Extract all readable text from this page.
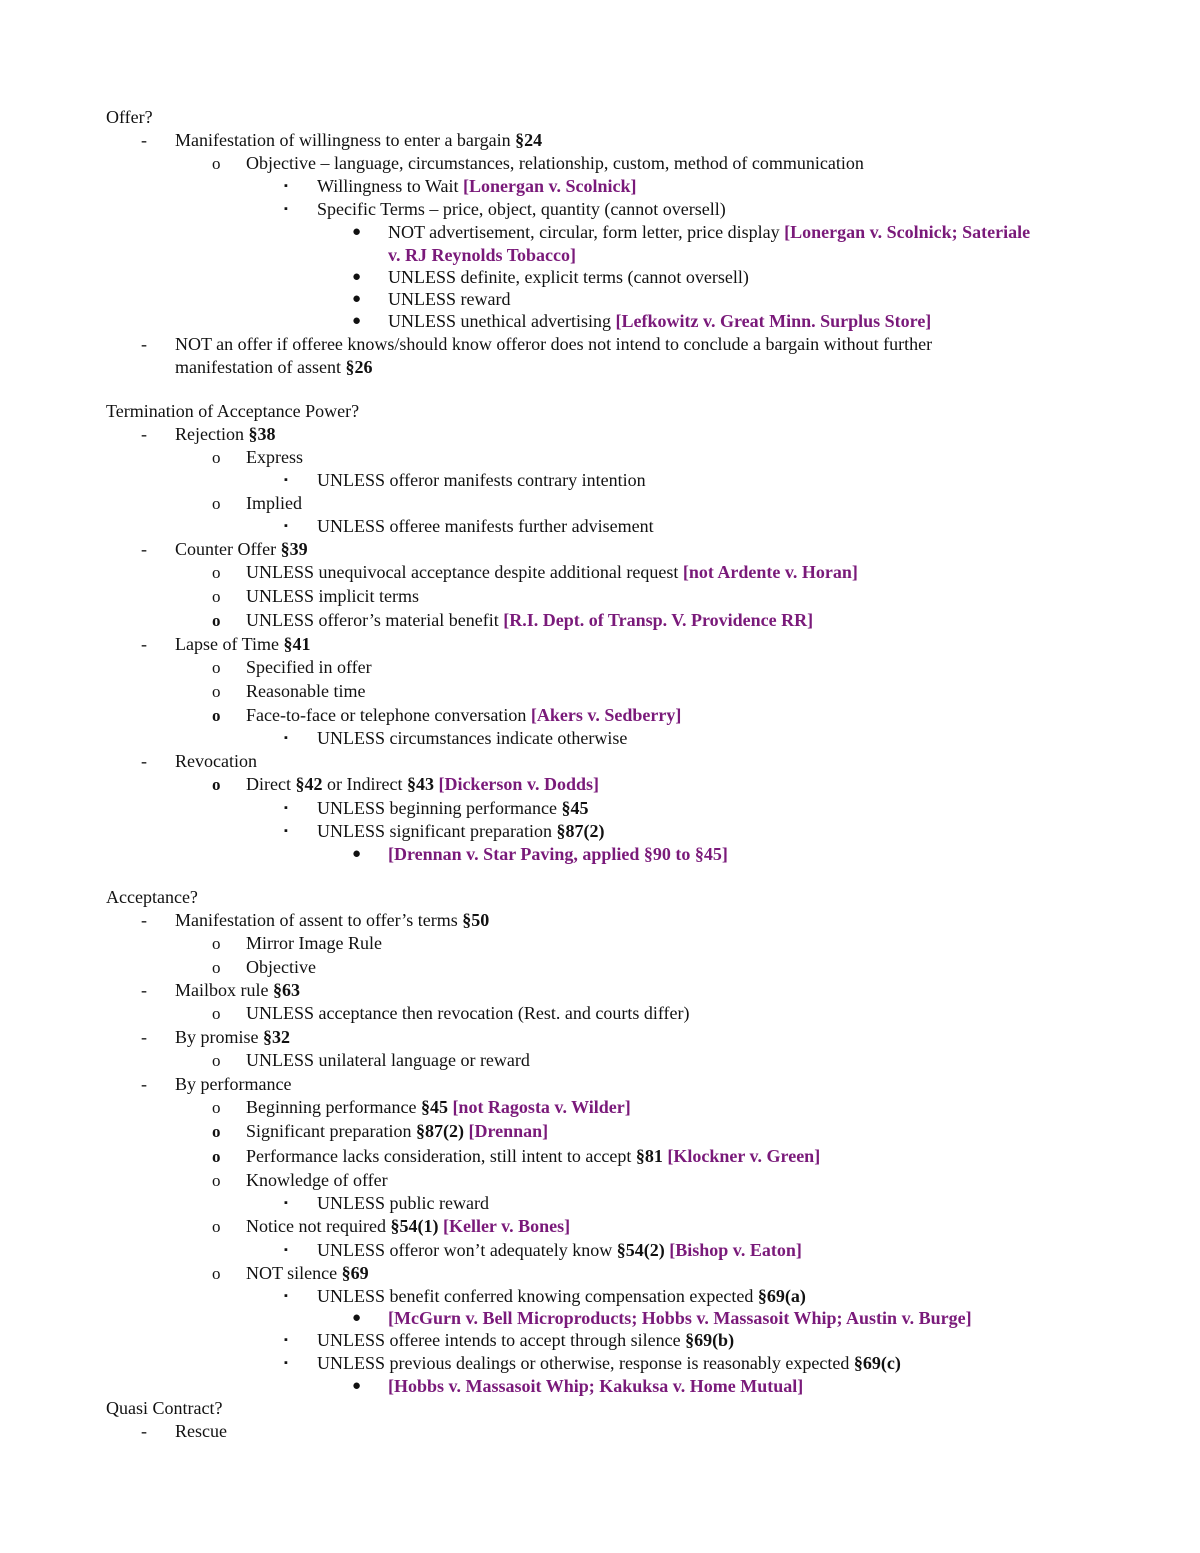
Offer?
- Manifestation of willingness to enter a bargain §24
o Objective – language, circumstances, relationship, custom, method of communication
▪ Willingness to Wait [Lonergan v. Scolnick]
▪ Specific Terms – price, object, quantity (cannot oversell)
● NOT advertisement, circular, form letter, price display [Lonergan v. Scolnick; Sateriale
v. RJ Reynolds Tobacco]
● UNLESS definite, explicit terms (cannot oversell)
● UNLESS reward
● UNLESS unethical advertising [Lefkowitz v. Great Minn. Surplus Store]
- NOT an offer if offeree knows/should know offeror does not intend to conclude a bargain without further
manifestation of assent §26
Termination of Acceptance Power?
- Rejection §38
o Express
▪ UNLESS offeror manifests contrary intention
o Implied
▪ UNLESS offeree manifests further advisement
- Counter Offer §39
o UNLESS unequivocal acceptance despite additional request [not Ardente v. Horan]
o UNLESS implicit terms
o UNLESS offeror’s material benefit [R.I. Dept. of Transp. V. Providence RR]
- Lapse of Time §41
o Specified in offer
o Reasonable time
o Face-to-face or telephone conversation [Akers v. Sedberry]
▪ UNLESS circumstances indicate otherwise
- Revocation
o Direct §42 or Indirect §43 [Dickerson v. Dodds]
▪ UNLESS beginning performance §45
▪ UNLESS significant preparation §87(2)
● [Drennan v. Star Paving, applied §90 to §45]
Acceptance?
- Manifestation of assent to offer’s terms §50
o Mirror Image Rule
o Objective
- Mailbox rule §63
o UNLESS acceptance then revocation (Rest. and courts differ)
- By promise §32
o UNLESS unilateral language or reward
- By performance
o Beginning performance §45 [not Ragosta v. Wilder]
o Significant preparation §87(2) [Drennan]
o Performance lacks consideration, still intent to accept §81 [Klockner v. Green]
o Knowledge of offer
▪ UNLESS public reward
o Notice not required §54(1) [Keller v. Bones]
▪ UNLESS offeror won’t adequately know §54(2) [Bishop v. Eaton]
o NOT silence §69
▪ UNLESS benefit conferred knowing compensation expected §69(a)
● [McGurn v. Bell Microproducts; Hobbs v. Massasoit Whip; Austin v. Burge]
▪ UNLESS offeree intends to accept through silence §69(b)
▪ UNLESS previous dealings or otherwise, response is reasonably expected §69(c)
● [Hobbs v. Massasoit Whip; Kakuksa v. Home Mutual]
Quasi Contract?
- Rescue
